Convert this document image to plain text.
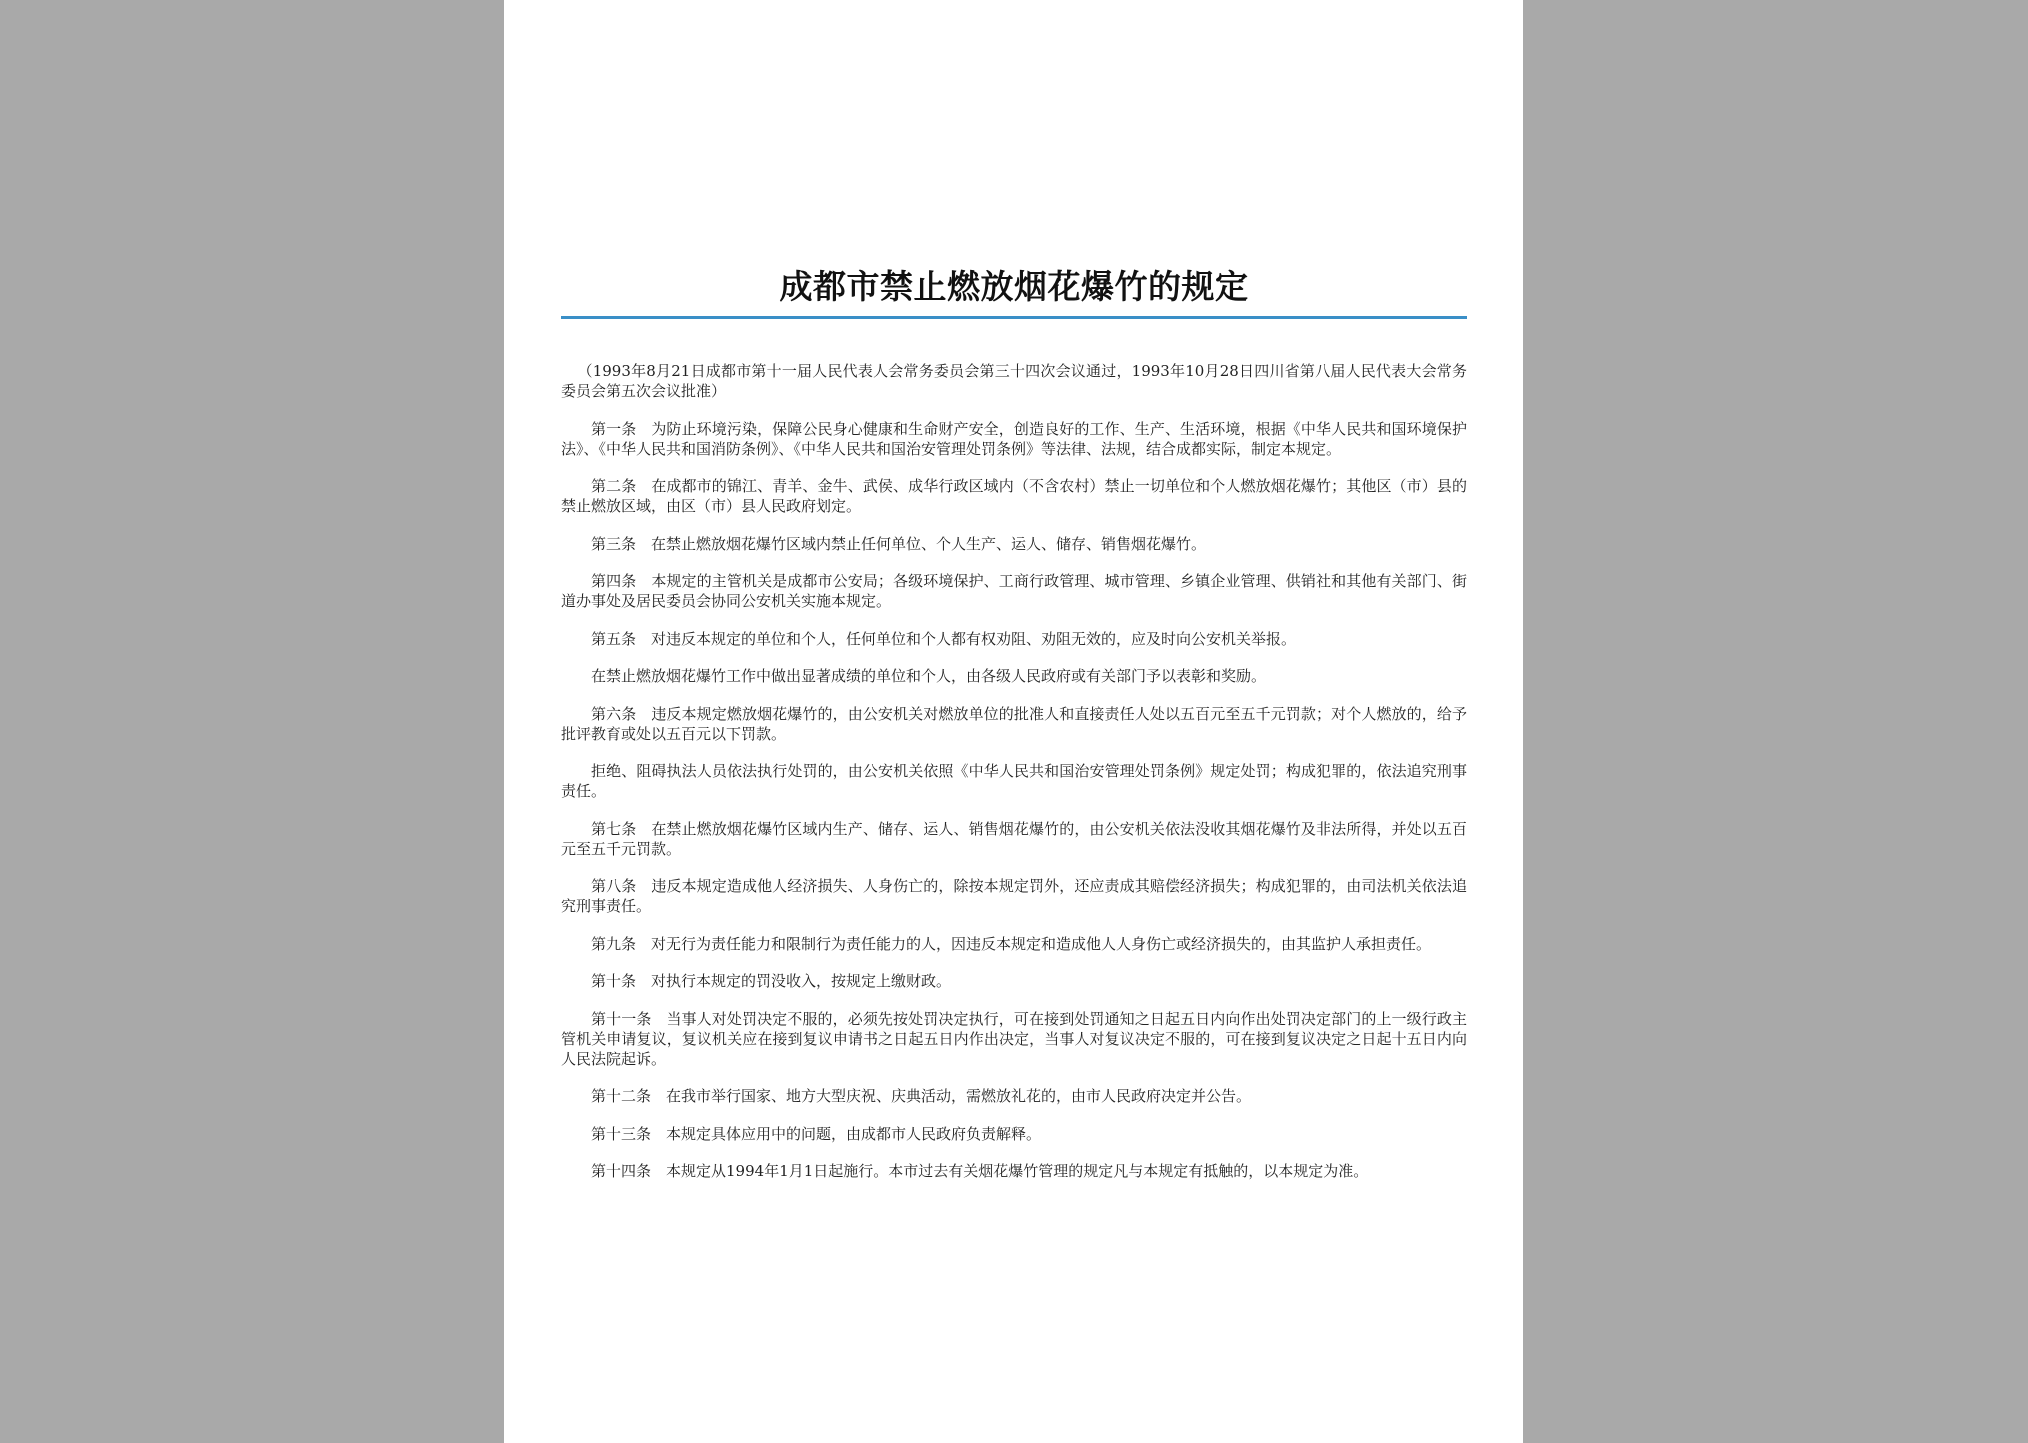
成都市禁止燃放烟花爆竹的规定

（1993年8月21日成都市第十一届人民代表人会常务委员会第三十四次会议通过，1993年10月28日四川省第八届人民代表大会常务委员会第五次会议批准）

第一条 为防止环境污染，保障公民身心健康和生命财产安全，创造良好的工作、生产、生活环境，根据《中华人民共和国环境保护法》、《中华人民共和国消防条例》、《中华人民共和国治安管理处罚条例》等法律、法规，结合成都实际，制定本规定。

第二条 在成都市的锦江、青羊、金牛、武侯、成华行政区域内（不含农村）禁止一切单位和个人燃放烟花爆竹；其他区（市）县的禁止燃放区域，由区（市）县人民政府划定。

第三条 在禁止燃放烟花爆竹区域内禁止任何单位、个人生产、运人、储存、销售烟花爆竹。

第四条 本规定的主管机关是成都市公安局；各级环境保护、工商行政管理、城市管理、乡镇企业管理、供销社和其他有关部门、街道办事处及居民委员会协同公安机关实施本规定。

第五条 对违反本规定的单位和个人，任何单位和个人都有权劝阻、劝阻无效的，应及时向公安机关举报。

在禁止燃放烟花爆竹工作中做出显著成绩的单位和个人，由各级人民政府或有关部门予以表彰和奖励。

第六条 违反本规定燃放烟花爆竹的，由公安机关对燃放单位的批准人和直接责任人处以五百元至五千元罚款；对个人燃放的，给予批评教育或处以五百元以下罚款。

拒绝、阻碍执法人员依法执行处罚的，由公安机关依照《中华人民共和国治安管理处罚条例》规定处罚；构成犯罪的，依法追究刑事责任。

第七条 在禁止燃放烟花爆竹区域内生产、储存、运人、销售烟花爆竹的，由公安机关依法没收其烟花爆竹及非法所得，并处以五百元至五千元罚款。

第八条 违反本规定造成他人经济损失、人身伤亡的，除按本规定罚外，还应责成其赔偿经济损失；构成犯罪的，由司法机关依法追究刑事责任。

第九条 对无行为责任能力和限制行为责任能力的人，因违反本规定和造成他人人身伤亡或经济损失的，由其监护人承担责任。

第十条 对执行本规定的罚没收入，按规定上缴财政。

第十一条 当事人对处罚决定不服的，必须先按处罚决定执行，可在接到处罚通知之日起五日内向作出处罚决定部门的上一级行政主管机关申请复议，复议机关应在接到复议申请书之日起五日内作出决定，当事人对复议决定不服的，可在接到复议决定之日起十五日内向人民法院起诉。

第十二条 在我市举行国家、地方大型庆祝、庆典活动，需燃放礼花的，由市人民政府决定并公告。

第十三条 本规定具体应用中的问题，由成都市人民政府负责解释。

第十四条 本规定从1994年1月1日起施行。本市过去有关烟花爆竹管理的规定凡与本规定有抵触的，以本规定为准。
